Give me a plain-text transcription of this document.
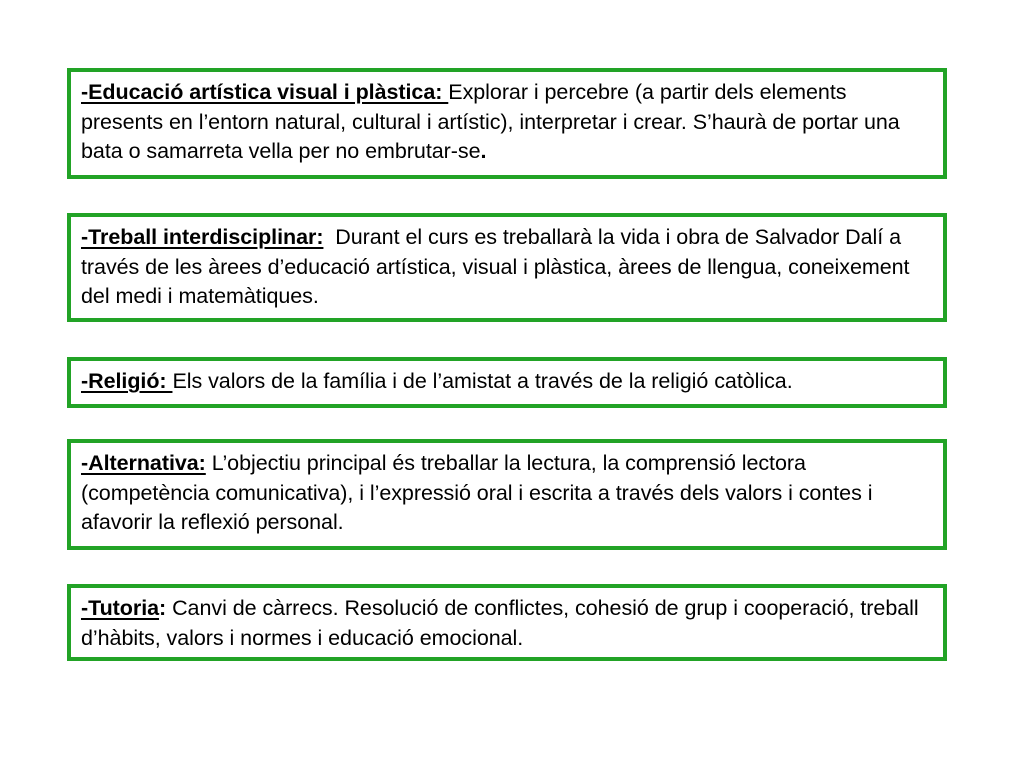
-Educació artística visual i plàstica: Explorar i percebre (a partir dels elements presents en l’entorn natural, cultural i artístic), interpretar i crear. S’haurà de portar una bata o samarreta vella per no embrutar-se.
-Treball interdisciplinar:  Durant el curs es treballarà la vida i obra de Salvador Dalí a través de les àrees d’educació artística, visual i plàstica, àrees de llengua, coneixement del medi i matemàtiques.
-Religió: Els valors de la família i de l’amistat a través de la religió catòlica.
-Alternativa: L’objectiu principal és treballar la lectura, la comprensió lectora (competència comunicativa), i l’expressió oral i escrita a través dels valors i contes i afavorir la reflexió personal.
-Tutoria: Canvi de càrrecs. Resolució de conflictes, cohesió de grup i cooperació, treball d’hàbits, valors i normes i educació emocional.
